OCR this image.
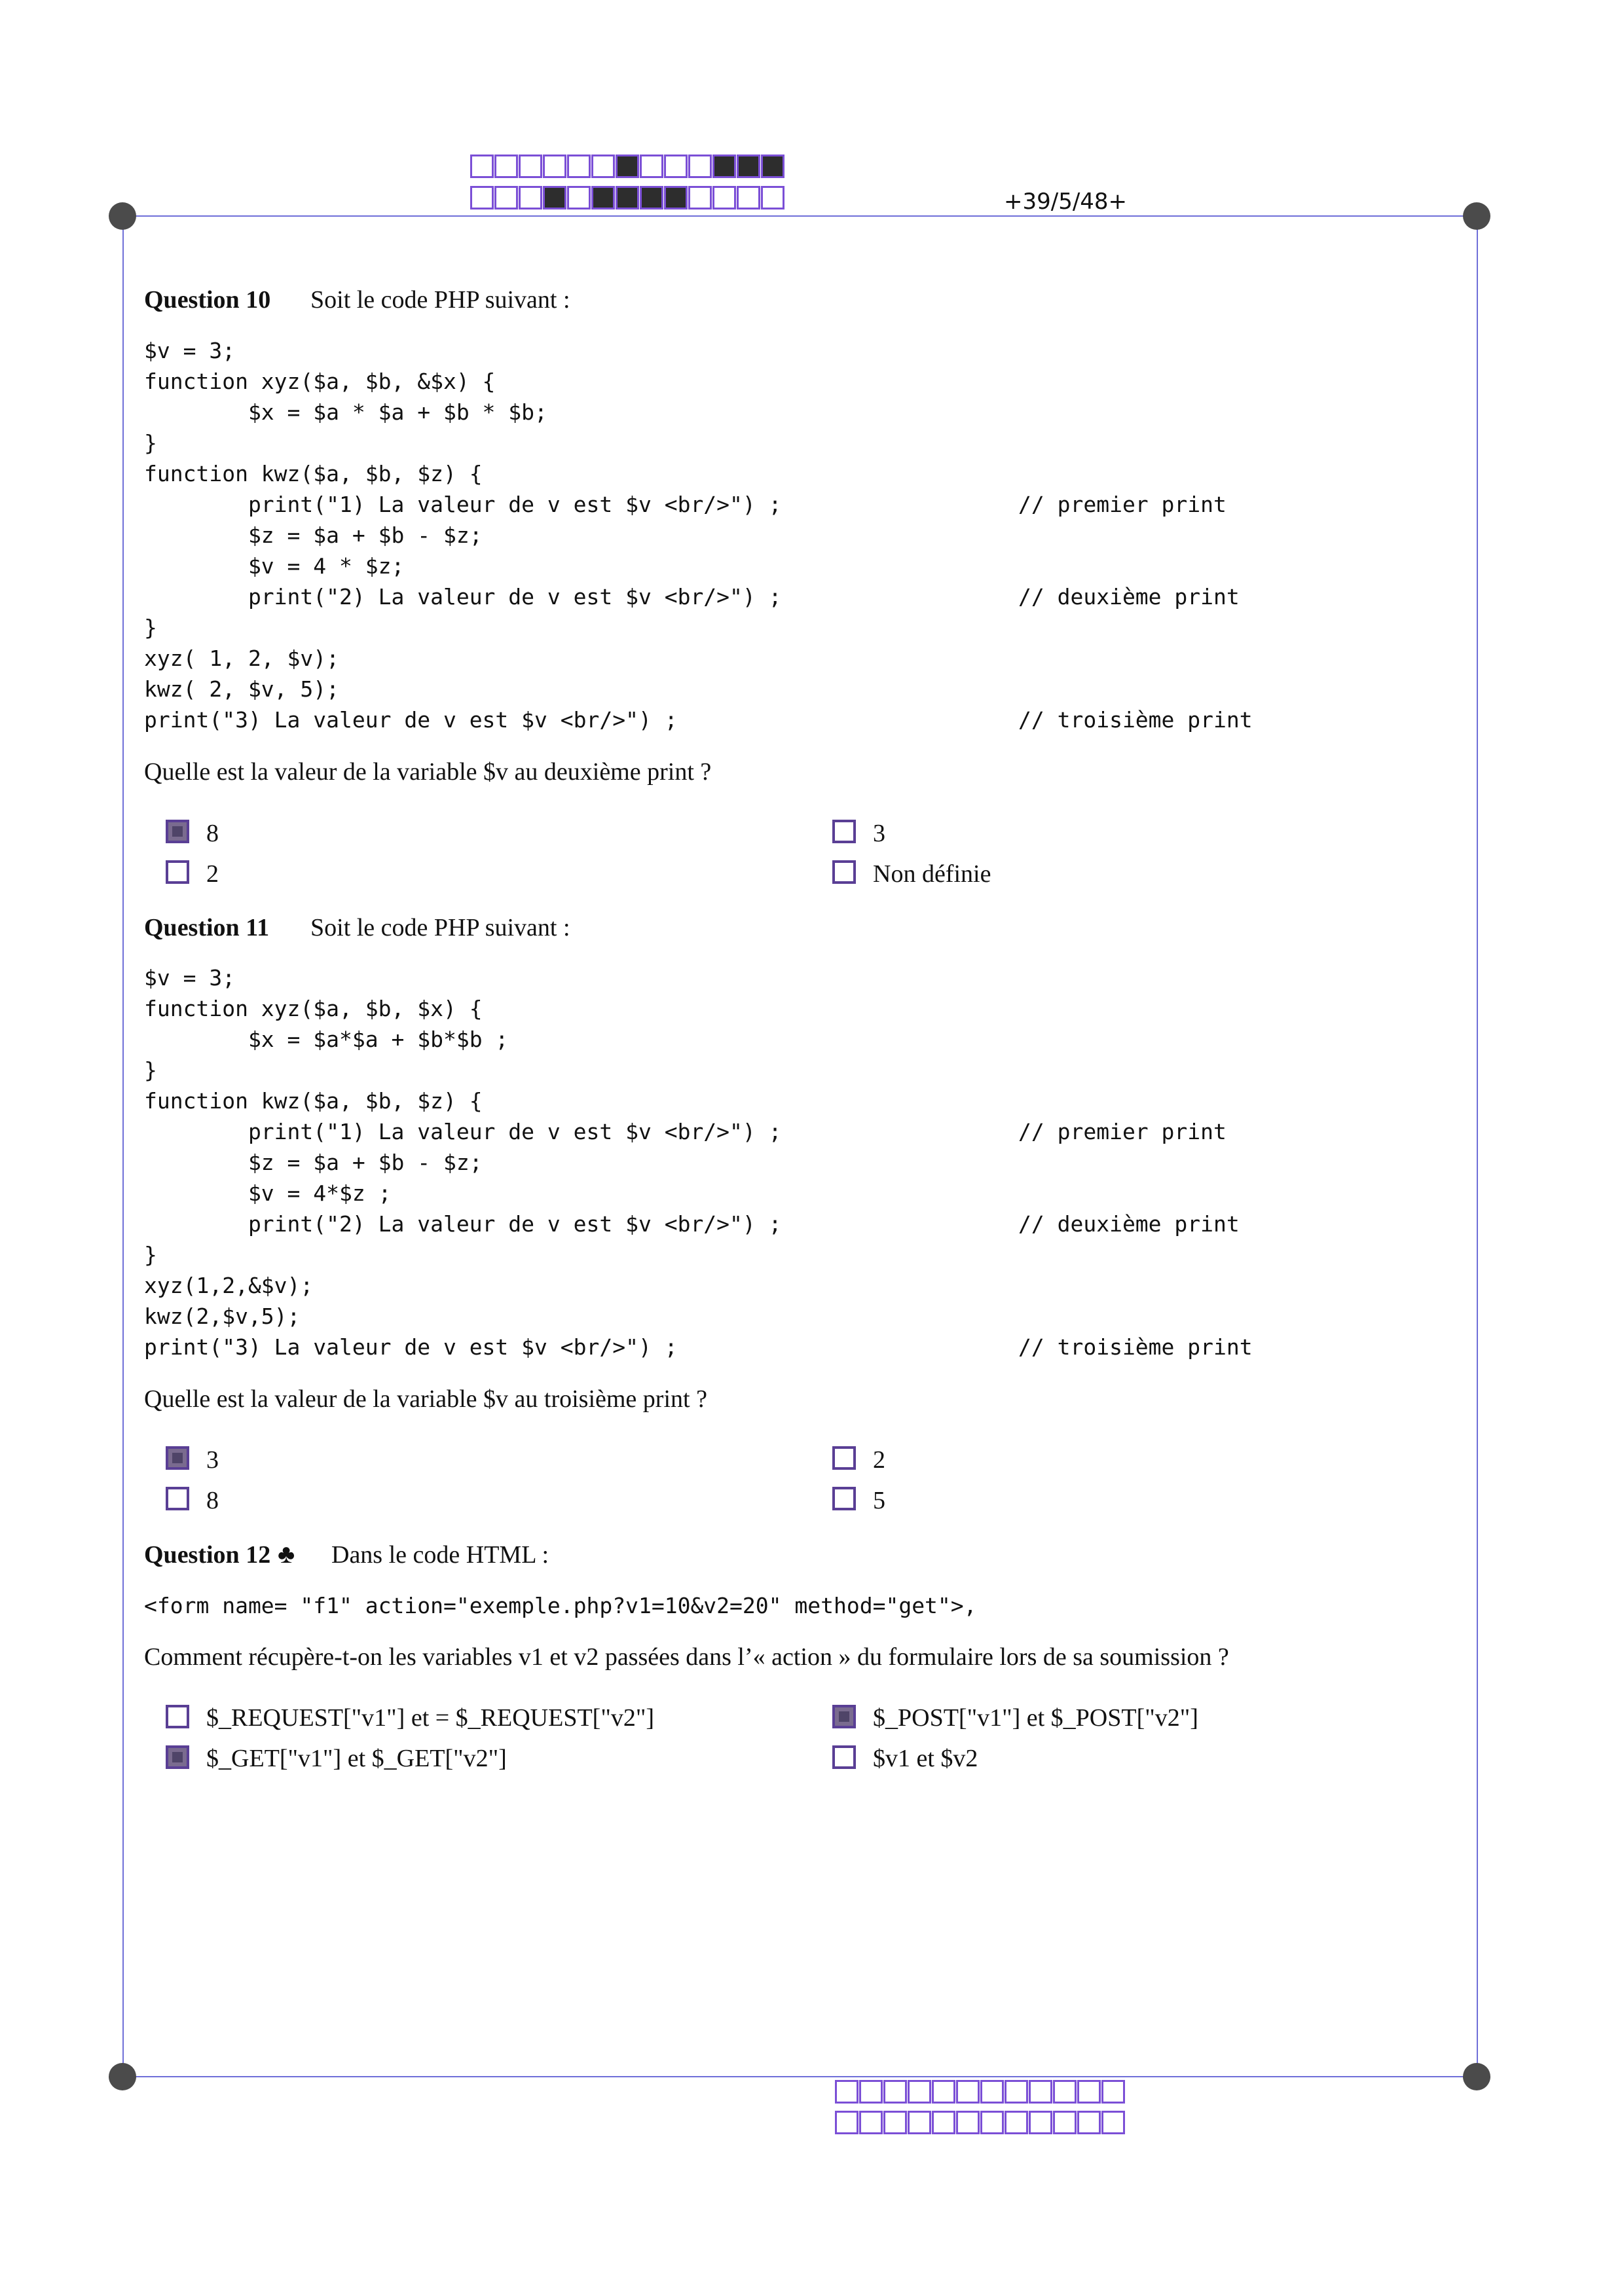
+39/5/48+
Question 10 Soit le code PHP suivant :
$v = 3;
function xyz($a, $b, &$x) {
$x = $a * $a + $b * $b;
}
function kwz($a, $b, $z) {
print("1) La valeur de v est $v <br/>") ;
$z = $a + $b - $z;
$v = 4 * $z;
print("2) La valeur de v est $v <br/>") ;
}
xyz( 1, 2, $v);
kwz( 2, $v, 5);
print("3) La valeur de v est $v <br/>") ;
// premier print
// deuxième print
// troisième print
Quelle est la valeur de la variable $v au deuxième print ?
8	3
2	Non définie
Question 11 Soit le code PHP suivant :
$v = 3;
function xyz($a, $b, $x) {
$x = $a*$a + $b*$b ;
}
function kwz($a, $b, $z) {
print("1) La valeur de v est $v <br/>") ;
$z = $a + $b - $z;
$v = 4*$z ;
print("2) La valeur de v est $v <br/>") ;
}
xyz(1,2,&$v);
kwz(2,$v,5);
print("3) La valeur de v est $v <br/>") ;
// premier print
// deuxième print
// troisième print
Quelle est la valeur de la variable $v au troisième print ?
3	2
8	5
Question 12 ♣ Dans le code HTML :
<form name= "f1" action="exemple.php?v1=10&v2=20" method="get">,
Comment récupère-t-on les variables v1 et v2 passées dans l’« action » du formulaire lors de sa soumission ?
$_REQUEST["v1"] et = $_REQUEST["v2"]	$_POST["v1"] et $_POST["v2"]
$_GET["v1"] et $_GET["v2"]	$v1 et $v2
